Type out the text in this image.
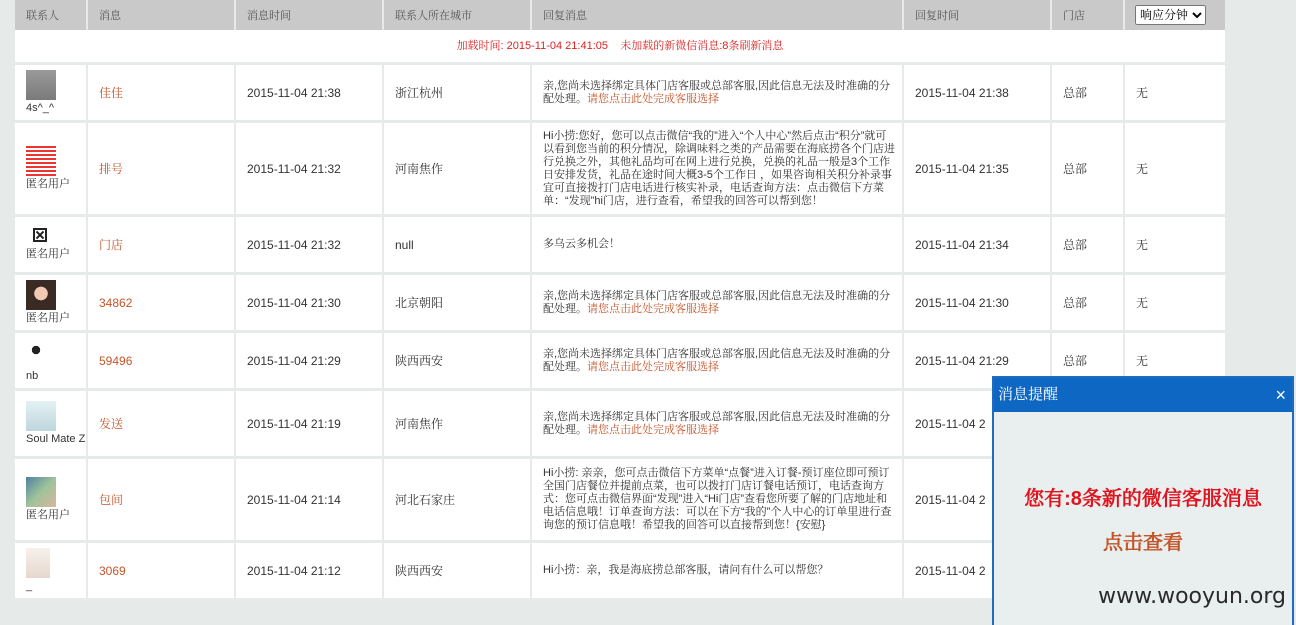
联系人	消息	消息时间	联系人所在城市	回复消息	回复时间	门店	
响应分钟
加载时间: 2015-11-04 21:41:05 未加载的新微信消息:8条刷新消息							

4s^_^	佳佳	2015-11-04 21:38	浙江杭州	亲,您尚未选择绑定具体门店客服或总部客服,因此信息无法及时准确的分配处理。请您点击此处完成客服选择	2015-11-04 21:38	总部	无

匿名用户	排号	2015-11-04 21:32	河南焦作	Hi小捞:您好，您可以点击微信“我的”进入“个人中心”然后点击“积分”就可以看到您当前的积分情况，除调味料之类的产品需要在海底捞各个门店进行兑换之外，其他礼品均可在网上进行兑换，兑换的礼品一般是3个工作日安排发货，礼品在途时间大概3-5个工作日 ，如果咨询相关积分补录事宜可直接拨打门店电话进行核实补录，电话查询方法：点击微信下方菜单：“发现”hi门店，进行查看，希望我的回答可以帮到您！	2015-11-04 21:35	总部	无

匿名用户	门店	2015-11-04 21:32	null	多乌云多机会！	2015-11-04 21:34	总部	无

匿名用户	34862	2015-11-04 21:30	北京朝阳	亲,您尚未选择绑定具体门店客服或总部客服,因此信息无法及时准确的分配处理。请您点击此处完成客服选择	2015-11-04 21:30	总部	无

nb	59496	2015-11-04 21:29	陕西西安	亲,您尚未选择绑定具体门店客服或总部客服,因此信息无法及时准确的分配处理。请您点击此处完成客服选择	2015-11-04 21:29	总部	无

Soul Mate Z	发送	2015-11-04 21:19	河南焦作	亲,您尚未选择绑定具体门店客服或总部客服,因此信息无法及时准确的分配处理。请您点击此处完成客服选择	2015-11-04 2		

匿名用户	包间	2015-11-04 21:14	河北石家庄	Hi小捞: 亲亲，您可点击微信下方菜单“点餐”进入订餐-预订座位即可预订全国门店餐位并提前点菜，也可以拨打门店订餐电话预订，电话查询方式：您可点击微信界面“发现”进入“Hi门店”查看您所要了解的门店地址和电话信息哦！订单查询方法：可以在下方“我的”个人中心的订单里进行查询您的预订信息哦！希望我的回答可以直接帮到您！{安慰}	2015-11-04 2		

_	3069	2015-11-04 21:12	陕西西安	Hi小捞：亲，我是海底捞总部客服，请问有什么可以帮您？	2015-11-04 2		
消息提醒	×
您有:8条新的微信客服消息
点击查看
www.wooyun.org
